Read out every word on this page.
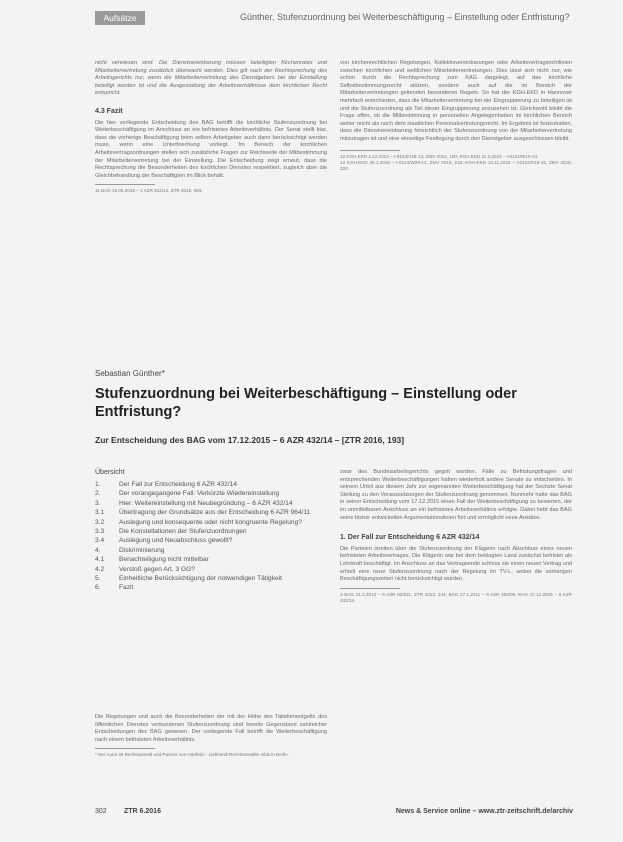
Aufsätze	Günther, Stufenzuordnung bei Weiterbeschäftigung – Einstellung oder Entfristung?

nicht verwiesen sind. Die Dienstvereinbarung müssen beteiligten Kirchenrates und Mitarbeitervertretung zusätzlich überwacht werden. Dies gilt nach der Rechtsprechung des Arbeitsgerichts nur, wenn die Mitarbeitervertretung des Dienstgebers bei der Einstellung beteiligt worden ist und die Ausgestaltung der Arbeitsverhältnisse dem kirchlichen Recht entspricht.

4.3 Fazit

Die hier vorliegende Entscheidung des BAG betrifft die kirchliche Stufenzuordnung bei Weiterbeschäftigung im Anschluss an ein befristetes Arbeitsverhältnis. Der Senat stellt klar, dass die vorherige Beschäftigung beim selben Arbeitgeber auch dann berücksichtigt werden muss, wenn eine Unterbrechung vorliegt. Im Bereich der kirchlichen Arbeitsvertragsordnungen stellen sich zusätzliche Fragen zur Reichweite der Mitbestimmung der Mitarbeitervertretung bei der Einstellung. Die Entscheidung zeigt erneut, dass die Rechtsprechung die Besonderheiten des kirchlichen Dienstes respektiert, zugleich aber die Gleichbehandlung der Beschäftigten im Blick behält.

11 BAG 16.06.2015 – 1 AZR 312/14, ZTR 2015, 693.

von kirchenrechtlichen Regelungen, Kollektivvereinbarungen oder Arbeitsvertragsrichtlinien zwischen kirchlichen und weltlichen Mitarbeitervertretungen. Dies lässt sich nicht nur, wie schon durch die Rechtsprechung zum KAG dargelegt, auf das kirchliche Selbstbestimmungsrecht stützen, sondern auch auf die im Bereich der Mitarbeitervertretungen geltenden besonderen Regeln. So hat der KGH.EKD in Hannover mehrfach entschieden, dass die Mitarbeitervertretung bei der Eingruppierung zu beteiligen ist und die Stufenzuordnung als Teil dieser Eingruppierung anzusehen ist. Gleichwohl bleibt die Frage offen, ob die Mitbestimmung in personellen Angelegenheiten im kirchlichen Bereich weiter reicht als nach dem staatlichen Personalvertretungsrecht. Im Ergebnis ist festzuhalten, dass die Dienstvereinbarung hinsichtlich der Stufenzuordnung von der Mitarbeitervertretung mitzutragen ist und eine einseitige Festlegung durch den Dienstgeber ausgeschlossen bleibt.

12 KGH.EKD 2.12.2013 – I-0124/V18-13, ZMV 2014, 100; KGH.EKD 11.2.2015 – I-0124/W10-14.

13 KGH.EKD 29.1.2015 – I-0124/W29-14, ZMV 2015, 216; KGH.EKD 13.11.2015 – I-0124/X15-15, ZMV 2016, 220.

Sebastian Günther*
Stufenzuordnung bei Weiterbeschäftigung – Einstellung oder Entfristung?
Zur Entscheidung des BAG vom 17.12.2015 – 6 AZR 432/14 – [ZTR 2016, 193]
Übersicht
1.	Der Fall zur Entscheidung 6 AZR 432/14
2.	Der vorangegangene Fall: Verkürzte Wiedereinstellung
3.	Hier: Weitereinstellung mit Neubegründung – 6 AZR 432/14
3.1	Übertragung der Grundsätze aus der Entscheidung 6 AZR 964/11
3.2	Auslegung und konsequente oder nicht kongruente Regelung?
3.3	Die Konstellationen der Stufenzuordnungen
3.4	Auslegung und Neuabschluss gewollt?
4.	Diskriminierung
4.1	Benachteiligung nicht mittelbar
4.2	Verstoß gegen Art. 3 GG?
5.	Einheitliche Berücksichtigung der notwendigen Tätigkeit
6.	Fazit

Die Regelungen und auch die Besonderheiten der mit der Höhe des Tabellenentgelts des öffentlichen Dienstes verbundenen Stufenzuordnung sind bereits Gegenstand zahlreicher Entscheidungen des BAG gewesen. Der vorliegende Fall betrifft die Weiterbeschäftigung nach einem befristeten Arbeitsverhältnis.

* Der Autor ist Rechtsanwalt und Partner von Hartfeld – Liebhardt Rechtsanwälte mbB in Berlin.

zwar des Bundesarbeitsgerichts gegolt worden. Fälle zu Befristungsfragen und entsprechenden Weiterbeschäftigungen hatten wiederholt andere Senate zu entscheiden. In seinem Urteil aus diesem Jahr zur sogenannten Weiterbeschäftigung hat der Sechste Senat Stellung zu den Voraussetzungen der Stufenzuordnung genommen. Nunmehr hatte das BAG in seiner Entscheidung vom 17.12.2015 einen Fall der Weiterbeschäftigung zu bewerten, der im unmittelbaren Anschluss an ein befristetes Arbeitsverhältnis erfolgte. Dabei hebt das BAG seine bisher entwickelten Argumentationslinien fort und ermöglicht neue Ansätze.

1. Der Fall zur Entscheidung 6 AZR 432/14

Die Parteien streiten über die Stufenzuordnung der Klägerin nach Abschluss eines neuen befristeten Arbeitsvertrages. Die Klägerin war bei dem beklagten Land zunächst befristet als Lehrkraft beschäftigt. Im Anschluss an das Vertragsende schloss sie einen neuen Vertrag und erhielt eine neue Stufenzuordnung nach der Regelung im TV-L, wobei die vorherigen Beschäftigungszeiten nicht berücksichtigt wurden.

3 BAG 21.2.2013 – 6 AZR 524/11, ZTR 2013, 244; BAG 27.1.2011 – 6 AZR 382/09; BAG 17.12.2015 – 6 AZR 432/14.

302 ZTR 6.2016	News & Service online – www.ztr-zeitschrift.de/archiv
